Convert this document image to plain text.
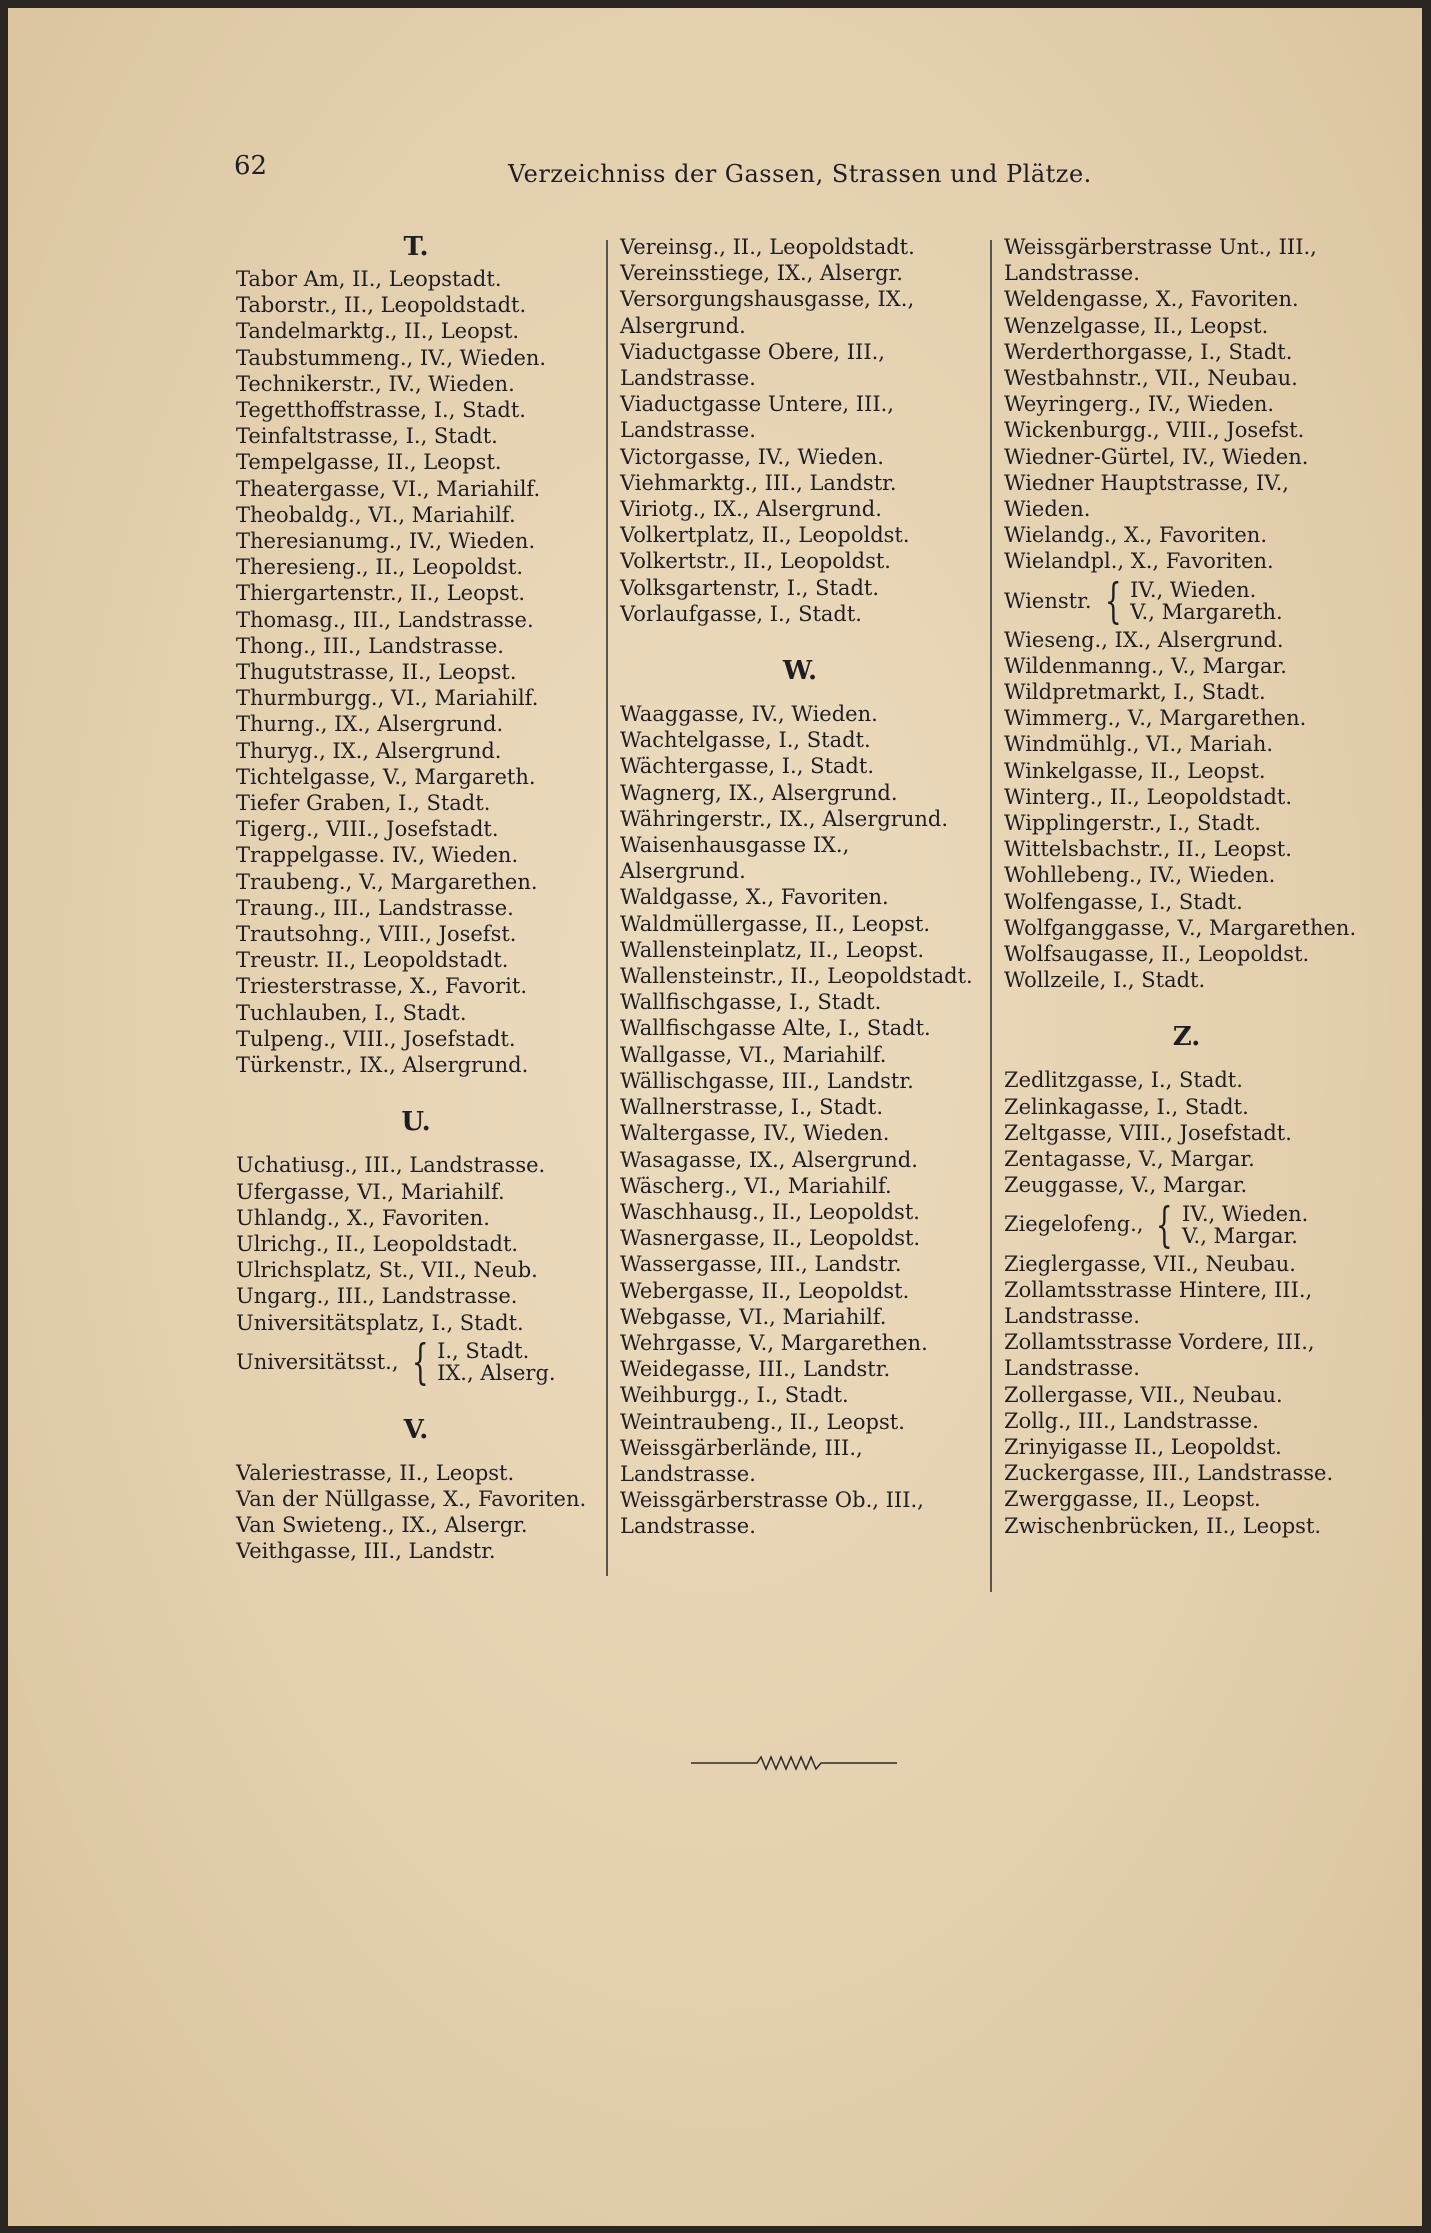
62	Verzeichniss der Gassen, Strassen und Plätze.
T.
Tabor Am, II., Leopstadt.
Taborstr., II., Leopoldstadt.
Tandelmarktg., II., Leopst.
Taubstummeng., IV., Wieden.
Technikerstr., IV., Wieden.
Tegetthoffstrasse, I., Stadt.
Teinfaltstrasse, I., Stadt.
Tempelgasse, II., Leopst.
Theatergasse, VI., Mariahilf.
Theobaldg., VI., Mariahilf.
Theresianumg., IV., Wieden.
Theresieng., II., Leopoldst.
Thiergartenstr., II., Leopst.
Thomasg., III., Landstrasse.
Thong., III., Landstrasse.
Thugutstrasse, II., Leopst.
Thurmburgg., VI., Mariahilf.
Thurng., IX., Alsergrund.
Thuryg., IX., Alsergrund.
Tichtelgasse, V., Margareth.
Tiefer Graben, I., Stadt.
Tigerg., VIII., Josefstadt.
Trappelgasse. IV., Wieden.
Traubeng., V., Margarethen.
Traung., III., Landstrasse.
Trautsohng., VIII., Josefst.
Treustr. II., Leopoldstadt.
Triesterstrasse, X., Favorit.
Tuchlauben, I., Stadt.
Tulpeng., VIII., Josefstadt.
Türkenstr., IX., Alsergrund.
U.
Uchatiusg., III., Landstrasse.
Ufergasse, VI., Mariahilf.
Uhlandg., X., Favoriten.
Ulrichg., II., Leopoldstadt.
Ulrichsplatz, St., VII., Neub.
Ungarg., III., Landstrasse.
Universitätsplatz, I., Stadt.
Universitätsst., { I., Stadt.
IX., Alserg.
V.
Valeriestrasse, II., Leopst.
Van der Nüllgasse, X., Favoriten.
Van Swieteng., IX., Alsergr.
Veithgasse, III., Landstr.
Vereinsg., II., Leopoldstadt.
Vereinsstiege, IX., Alsergr.
Versorgungshausgasse, IX., Alsergrund.
Viaductgasse Obere, III., Landstrasse.
Viaductgasse Untere, III., Landstrasse.
Victorgasse, IV., Wieden.
Viehmarktg., III., Landstr.
Viriotg., IX., Alsergrund.
Volkertplatz, II., Leopoldst.
Volkertstr., II., Leopoldst.
Volksgartenstr, I., Stadt.
Vorlaufgasse, I., Stadt.
W.
Waaggasse, IV., Wieden.
Wachtelgasse, I., Stadt.
Wächtergasse, I., Stadt.
Wagnerg, IX., Alsergrund.
Währingerstr., IX., Alsergrund.
Waisenhausgasse IX., Alsergrund.
Waldgasse, X., Favoriten.
Waldmüllergasse, II., Leopst.
Wallensteinplatz, II., Leopst.
Wallensteinstr., II., Leopoldstadt.
Wallfischgasse, I., Stadt.
Wallfischgasse Alte, I., Stadt.
Wallgasse, VI., Mariahilf.
Wällischgasse, III., Landstr.
Wallnerstrasse, I., Stadt.
Waltergasse, IV., Wieden.
Wasagasse, IX., Alsergrund.
Wäscherg., VI., Mariahilf.
Waschhausg., II., Leopoldst.
Wasnergasse, II., Leopoldst.
Wassergasse, III., Landstr.
Webergasse, II., Leopoldst.
Webgasse, VI., Mariahilf.
Wehrgasse, V., Margarethen.
Weidegasse, III., Landstr.
Weihburgg., I., Stadt.
Weintraubeng., II., Leopst.
Weissgärberlände, III., Landstrasse.
Weissgärberstrasse Ob., III., Landstrasse.
Weissgärberstrasse Unt., III., Landstrasse.
Weldengasse, X., Favoriten.
Wenzelgasse, II., Leopst.
Werderthorgasse, I., Stadt.
Westbahnstr., VII., Neubau.
Weyringerg., IV., Wieden.
Wickenburgg., VIII., Josefst.
Wiedner-Gürtel, IV., Wieden.
Wiedner Hauptstrasse, IV., Wieden.
Wielandg., X., Favoriten.
Wielandpl., X., Favoriten.
Wienstr. { IV., Wieden.
V., Margareth.
Wieseng., IX., Alsergrund.
Wildenmanng., V., Margar.
Wildpretmarkt, I., Stadt.
Wimmerg., V., Margarethen.
Windmühlg., VI., Mariah.
Winkelgasse, II., Leopst.
Winterg., II., Leopoldstadt.
Wipplingerstr., I., Stadt.
Wittelsbachstr., II., Leopst.
Wohllebeng., IV., Wieden.
Wolfengasse, I., Stadt.
Wolfganggasse, V., Margarethen.
Wolfsaugasse, II., Leopoldst.
Wollzeile, I., Stadt.
Z.
Zedlitzgasse, I., Stadt.
Zelinkagasse, I., Stadt.
Zeltgasse, VIII., Josefstadt.
Zentagasse, V., Margar.
Zeuggasse, V., Margar.
Ziegelofeng., { IV., Wieden.
V., Margar.
Zieglergasse, VII., Neubau.
Zollamtsstrasse Hintere, III., Landstrasse.
Zollamtsstrasse Vordere, III., Landstrasse.
Zollergasse, VII., Neubau.
Zollg., III., Landstrasse.
Zrinyigasse II., Leopoldst.
Zuckergasse, III., Landstrasse.
Zwerggasse, II., Leopst.
Zwischenbrücken, II., Leopst.
